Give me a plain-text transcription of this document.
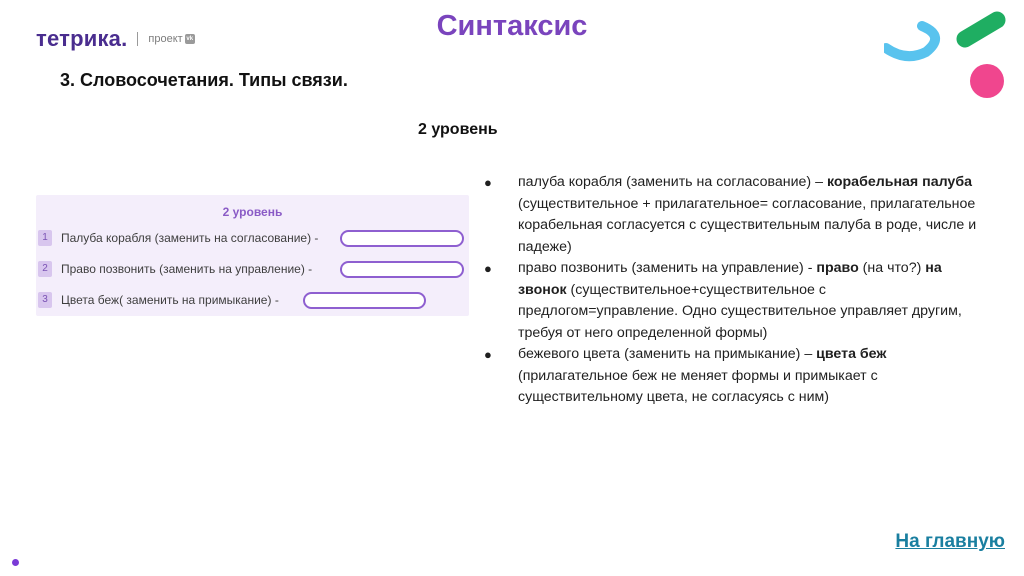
тетрика. проект vk	Синтаксис
3. Словосочетания. Типы связи.
2 уровень
2 уровень
1	Палуба корабля (заменить на согласование) -
2	Право позвонить (заменить на управление) -
3	Цвета беж( заменить на примыкание) -
● палуба корабля (заменить на согласование) – корабельная палуба (существительное + прилагательное= согласование, прилагательное корабельная согласуется с существительным палуба в роде, числе и падеже)
● право позвонить (заменить на управление) - право (на что?) на звонок (существительное+существительное с предлогом=управление. Одно существительное управляет другим, требуя от него определенной формы)
● бежевого цвета (заменить на примыкание) – цвета беж (прилагательное беж не меняет формы и примыкает с существительному цвета, не согласуясь с ним)
На главную
